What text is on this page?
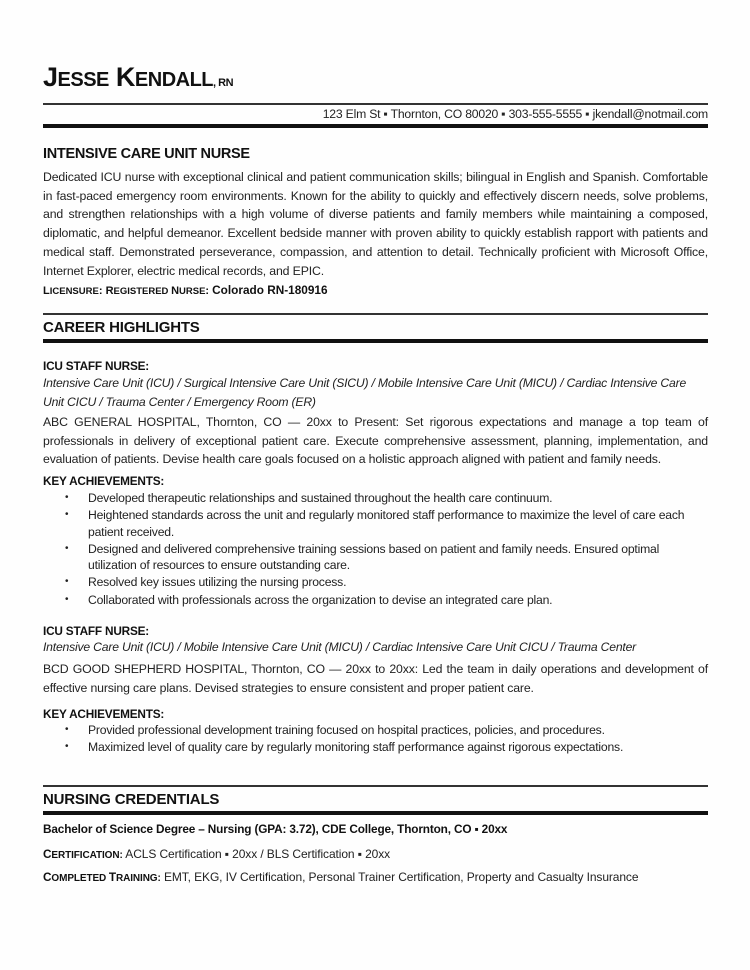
JESSE KENDALL, RN
123 Elm St ▪ Thornton, CO 80020 ▪ 303-555-5555 ▪ jkendall@notmail.com
INTENSIVE CARE UNIT NURSE
Dedicated ICU nurse with exceptional clinical and patient communication skills; bilingual in English and Spanish. Comfortable in fast-paced emergency room environments. Known for the ability to quickly and effectively discern needs, solve problems, and strengthen relationships with a high volume of diverse patients and family members while maintaining a composed, diplomatic, and helpful demeanor. Excellent bedside manner with proven ability to quickly establish rapport with patients and medical staff. Demonstrated perseverance, compassion, and attention to detail. Technically proficient with Microsoft Office, Internet Explorer, electric medical records, and EPIC.
LICENSURE: REGISTERED NURSE: Colorado RN-180916
CAREER HIGHLIGHTS
ICU STAFF NURSE:
Intensive Care Unit (ICU) / Surgical Intensive Care Unit (SICU) / Mobile Intensive Care Unit (MICU) / Cardiac Intensive Care Unit CICU / Trauma Center / Emergency Room (ER)
ABC GENERAL HOSPITAL, Thornton, CO — 20xx to Present: Set rigorous expectations and manage a top team of professionals in delivery of exceptional patient care. Execute comprehensive assessment, planning, implementation, and evaluation of patients. Devise health care goals focused on a holistic approach aligned with patient and family needs.
KEY ACHIEVEMENTS:
• Developed therapeutic relationships and sustained throughout the health care continuum.
• Heightened standards across the unit and regularly monitored staff performance to maximize the level of care each patient received.
• Designed and delivered comprehensive training sessions based on patient and family needs. Ensured optimal utilization of resources to ensure outstanding care.
• Resolved key issues utilizing the nursing process.
• Collaborated with professionals across the organization to devise an integrated care plan.
ICU STAFF NURSE:
Intensive Care Unit (ICU) / Mobile Intensive Care Unit (MICU) / Cardiac Intensive Care Unit CICU / Trauma Center
BCD GOOD SHEPHERD HOSPITAL, Thornton, CO — 20xx to 20xx: Led the team in daily operations and development of effective nursing care plans. Devised strategies to ensure consistent and proper patient care.
KEY ACHIEVEMENTS:
• Provided professional development training focused on hospital practices, policies, and procedures.
• Maximized level of quality care by regularly monitoring staff performance against rigorous expectations.
NURSING CREDENTIALS
Bachelor of Science Degree – Nursing (GPA: 3.72), CDE College, Thornton, CO ▪ 20xx
CERTIFICATION: ACLS Certification ▪ 20xx / BLS Certification ▪ 20xx
COMPLETED TRAINING: EMT, EKG, IV Certification, Personal Trainer Certification, Property and Casualty Insurance
